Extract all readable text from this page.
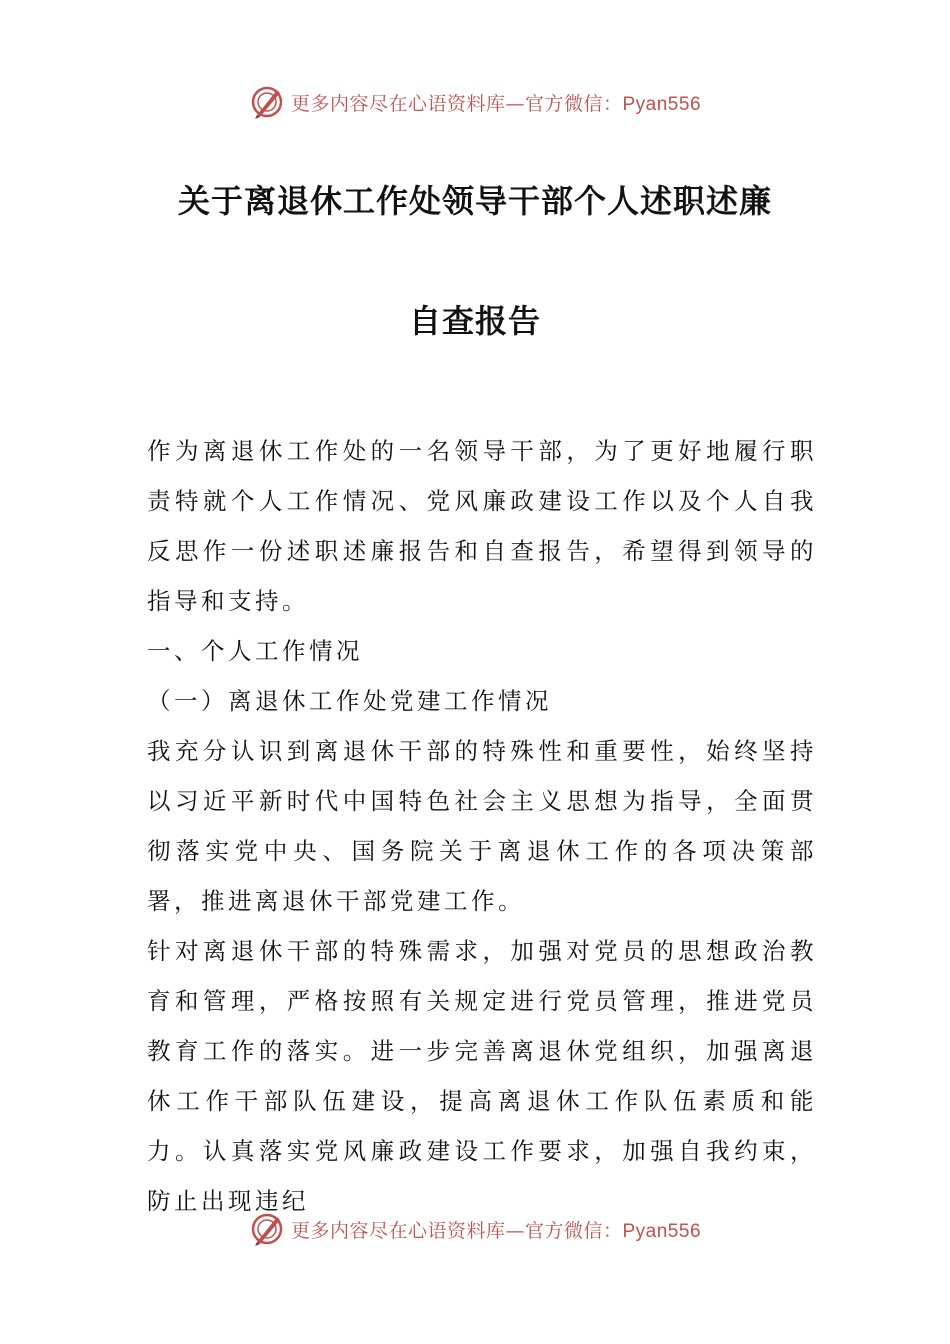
更多内容尽在心语资料库—官方微信：Pyan556
关于离退休工作处领导干部个人述职述廉
自查报告

作为离退休工作处的一名领导干部，为了更好地履行职责特就个人工作情况、党风廉政建设工作以及个人自我反思作一份述职述廉报告和自查报告，希望得到领导的指导和支持。

一、个人工作情况

（一）离退休工作处党建工作情况

我充分认识到离退休干部的特殊性和重要性，始终坚持以习近平新时代中国特色社会主义思想为指导，全面贯彻落实党中央、国务院关于离退休工作的各项决策部署，推进离退休干部党建工作。

针对离退休干部的特殊需求，加强对党员的思想政治教育和管理，严格按照有关规定进行党员管理，推进党员教育工作的落实。进一步完善离退休党组织，加强离退休工作干部队伍建设，提高离退休工作队伍素质和能力。认真落实党风廉政建设工作要求，加强自我约束，防止出现违纪

更多内容尽在心语资料库—官方微信：Pyan556
